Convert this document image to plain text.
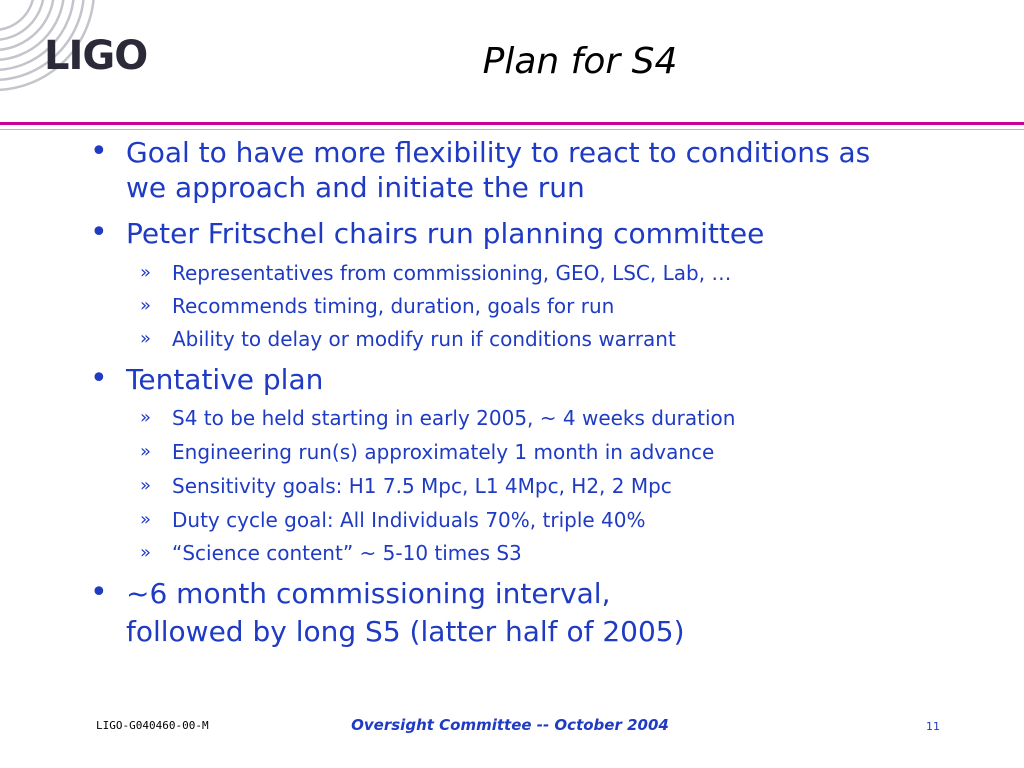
LIGO	Plan for S4
• Goal to have more flexibility to react to conditions as
we approach and initiate the run
• Peter Fritschel chairs run planning committee
» Representatives from commissioning, GEO, LSC, Lab, …
» Recommends timing, duration, goals for run
» Ability to delay or modify run if conditions warrant
• Tentative plan
» S4 to be held starting in early 2005, ~ 4 weeks duration
» Engineering run(s) approximately 1 month in advance
» Sensitivity goals: H1 7.5 Mpc, L1 4Mpc, H2, 2 Mpc
» Duty cycle goal: All Individuals 70%, triple 40%
» “Science content” ~ 5-10 times S3
• ~6 month commissioning interval,
followed by long S5 (latter half of 2005)
LIGO-G040460-00-M	Oversight Committee -- October 2004	11
